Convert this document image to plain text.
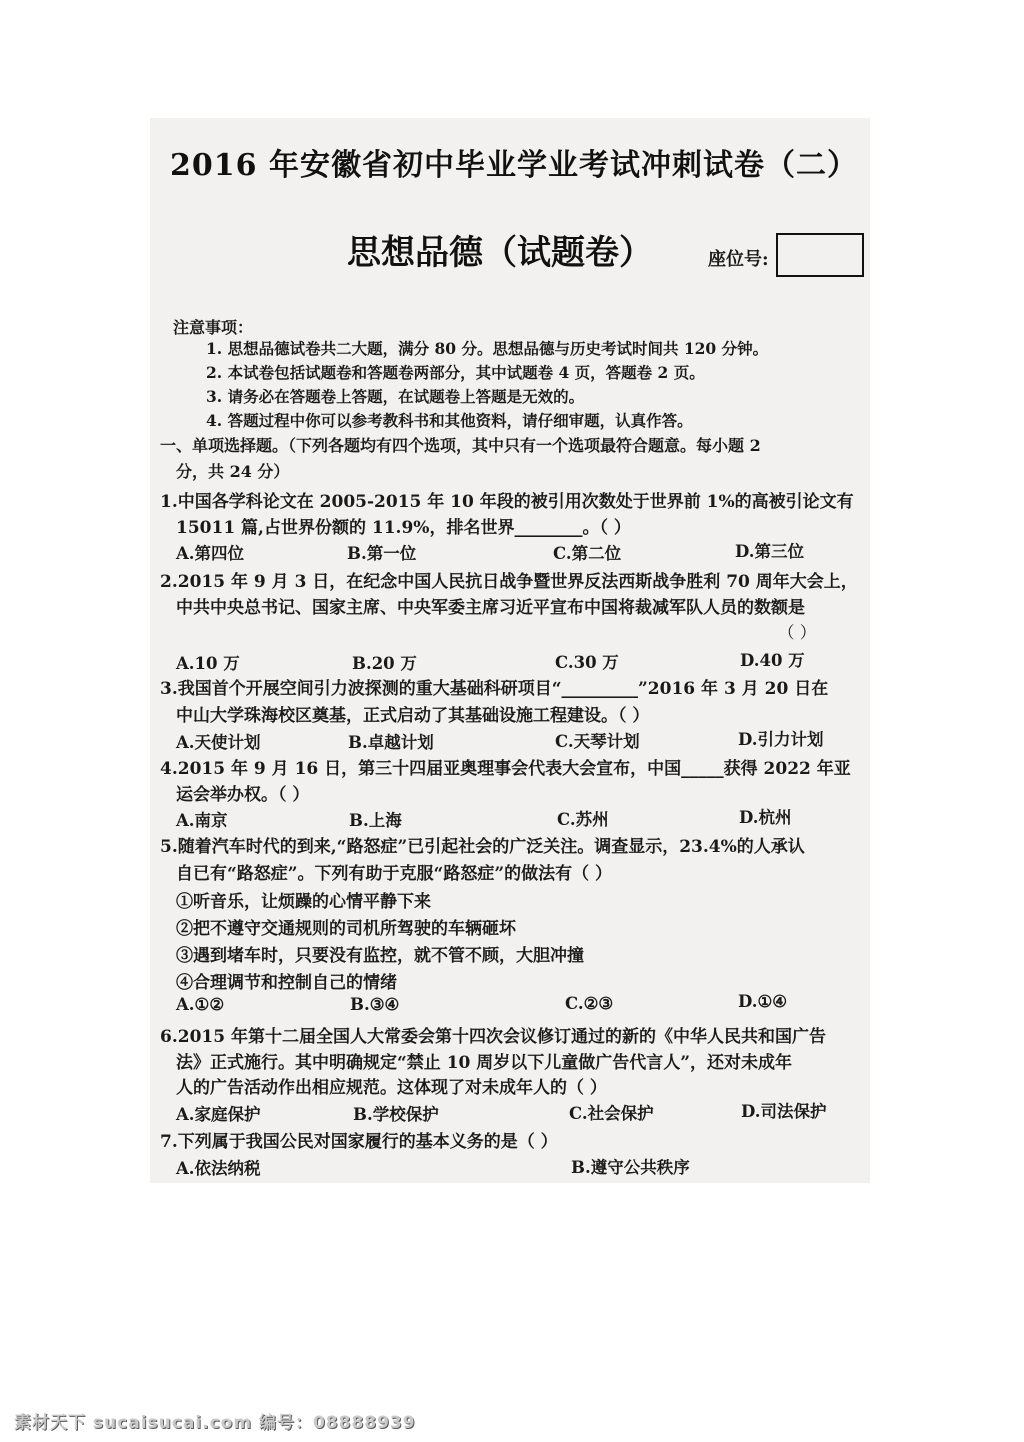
2016 年安徽省初中毕业学业考试冲刺试卷（二）
思想品德（试题卷）	座位号:
注意事项：
1. 思想品德试卷共二大题，满分 80 分。思想品德与历史考试时间共 120 分钟。
2. 本试卷包括试题卷和答题卷两部分，其中试题卷 4 页，答题卷 2 页。
3. 请务必在答题卷上答题，在试题卷上答题是无效的。
4. 答题过程中你可以参考教科书和其他资料，请仔细审题，认真作答。
一、单项选择题。（下列各题均有四个选项，其中只有一个选项最符合题意。每小题 2
分，共 24 分）
1.中国各学科论文在 2005-2015 年 10 年段的被引用次数处于世界前 1%的高被引论文有
15011 篇,占世界份额的 11.9%，排名世界________。（ ）
A.第四位	B.第一位	C.第二位	D.第三位
2.2015 年 9 月 3 日，在纪念中国人民抗日战争暨世界反法西斯战争胜利 70 周年大会上，
中共中央总书记、国家主席、中央军委主席习近平宣布中国将裁减军队人员的数额是
（ ）
A.10 万	B.20 万	C.30 万	D.40 万
3.我国首个开展空间引力波探测的重大基础科研项目“_________”2016 年 3 月 20 日在
中山大学珠海校区奠基，正式启动了其基础设施工程建设。（ ）
A.天使计划	B.卓越计划	C.天琴计划	D.引力计划
4.2015 年 9 月 16 日，第三十四届亚奥理事会代表大会宣布，中国_____获得 2022 年亚
运会举办权。（ ）
A.南京	B.上海	C.苏州	D.杭州
5.随着汽车时代的到来,“路怒症”已引起社会的广泛关注。调查显示，23.4%的人承认
自已有“路怒症”。下列有助于克服“路怒症”的做法有（ ）
①听音乐，让烦躁的心情平静下来
②把不遵守交通规则的司机所驾驶的车辆砸坏
③遇到堵车时，只要没有监控，就不管不顾，大胆冲撞
④合理调节和控制自己的情绪
A.①②	B.③④	C.②③	D.①④
6.2015 年第十二届全国人大常委会第十四次会议修订通过的新的《中华人民共和国广告
法》正式施行。其中明确规定“禁止 10 周岁以下儿童做广告代言人”，还对未成年
人的广告活动作出相应规范。这体现了对未成年人的（ ）
A.家庭保护	B.学校保护	C.社会保护	D.司法保护
7.下列属于我国公民对国家履行的基本义务的是（ ）
A.依法纳税	B.遵守公共秩序
素材天下 sucaisucai.com 编号：08888939
